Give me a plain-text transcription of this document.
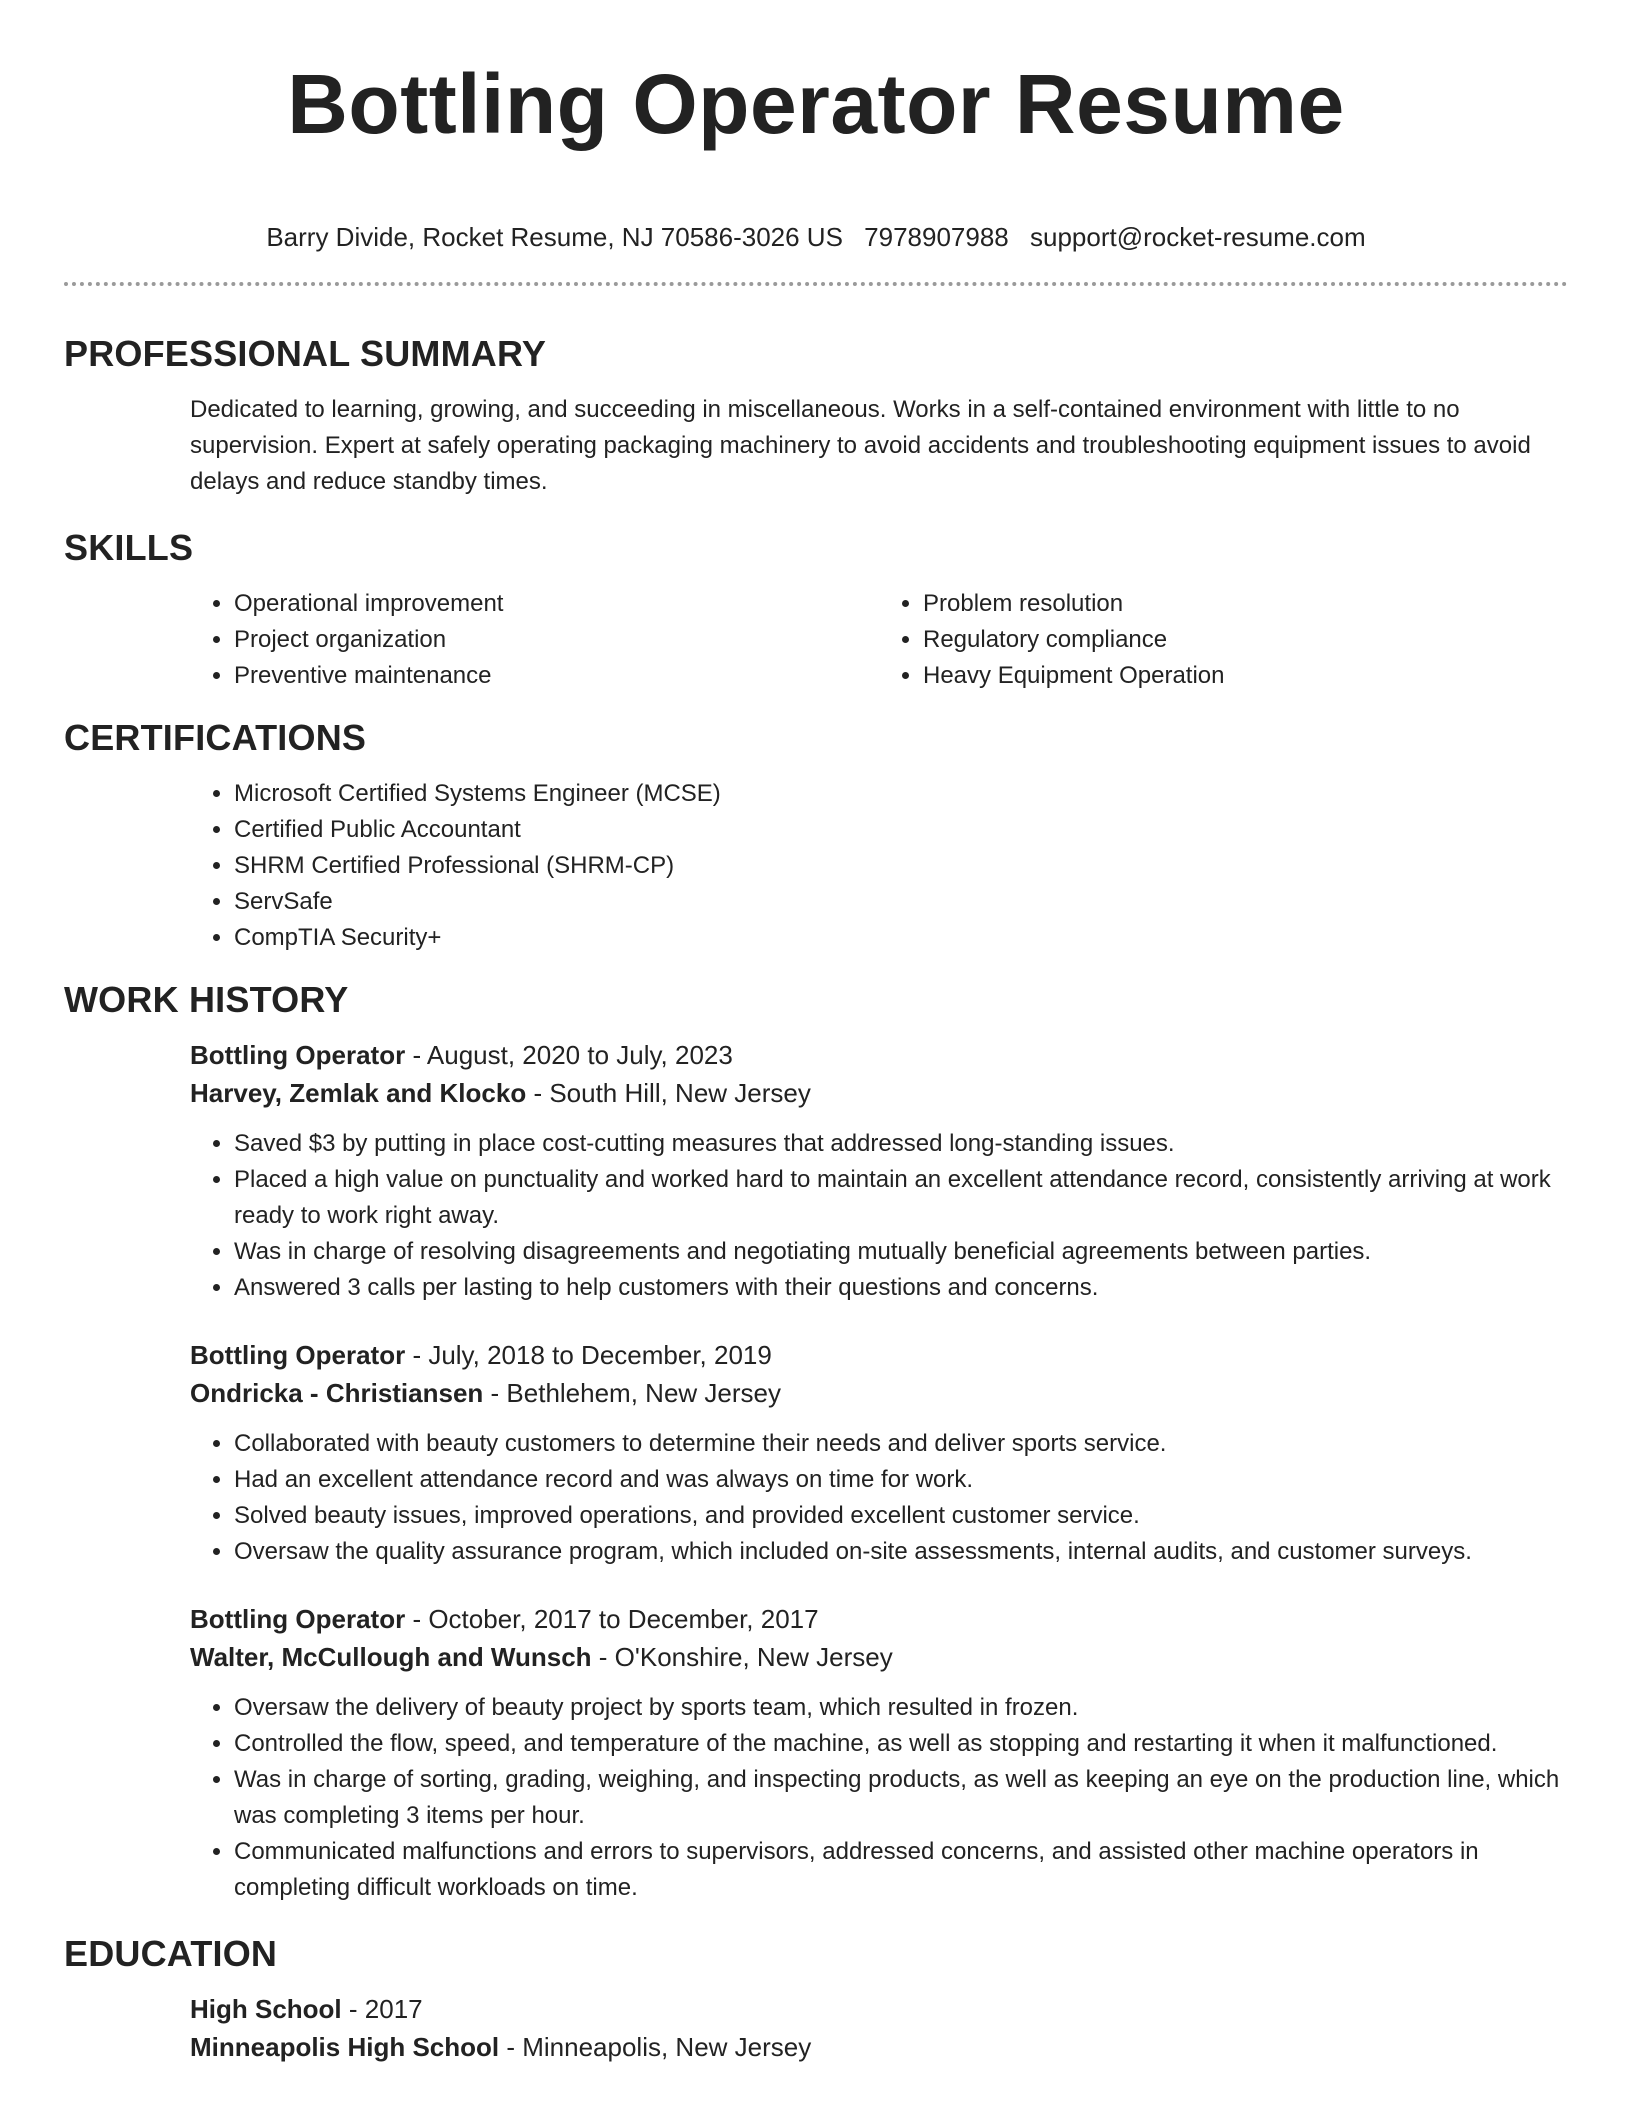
Bottling Operator Resume
Barry Divide, Rocket Resume, NJ 70586-3026 US 7978907988 support@rocket-resume.com
PROFESSIONAL SUMMARY

Dedicated to learning, growing, and succeeding in miscellaneous. Works in a self-contained environment with little to no supervision. Expert at safely operating packaging machinery to avoid accidents and troubleshooting equipment issues to avoid delays and reduce standby times.

SKILLS
• Operational improvement
• Project organization
• Preventive maintenance
• Problem resolution
• Regulatory compliance
• Heavy Equipment Operation
CERTIFICATIONS
• Microsoft Certified Systems Engineer (MCSE)
• Certified Public Accountant
• SHRM Certified Professional (SHRM-CP)
• ServSafe
• CompTIA Security+
WORK HISTORY
Bottling Operator - August, 2020 to July, 2023
Harvey, Zemlak and Klocko - South Hill, New Jersey
• Saved $3 by putting in place cost-cutting measures that addressed long-standing issues.
• Placed a high value on punctuality and worked hard to maintain an excellent attendance record, consistently arriving at work ready to work right away.
• Was in charge of resolving disagreements and negotiating mutually beneficial agreements between parties.
• Answered 3 calls per lasting to help customers with their questions and concerns.
Bottling Operator - July, 2018 to December, 2019
Ondricka - Christiansen - Bethlehem, New Jersey
• Collaborated with beauty customers to determine their needs and deliver sports service.
• Had an excellent attendance record and was always on time for work.
• Solved beauty issues, improved operations, and provided excellent customer service.
• Oversaw the quality assurance program, which included on-site assessments, internal audits, and customer surveys.
Bottling Operator - October, 2017 to December, 2017
Walter, McCullough and Wunsch - O'Konshire, New Jersey
• Oversaw the delivery of beauty project by sports team, which resulted in frozen.
• Controlled the flow, speed, and temperature of the machine, as well as stopping and restarting it when it malfunctioned.
• Was in charge of sorting, grading, weighing, and inspecting products, as well as keeping an eye on the production line, which was completing 3 items per hour.
• Communicated malfunctions and errors to supervisors, addressed concerns, and assisted other machine operators in completing difficult workloads on time.
EDUCATION
High School - 2017
Minneapolis High School - Minneapolis, New Jersey
